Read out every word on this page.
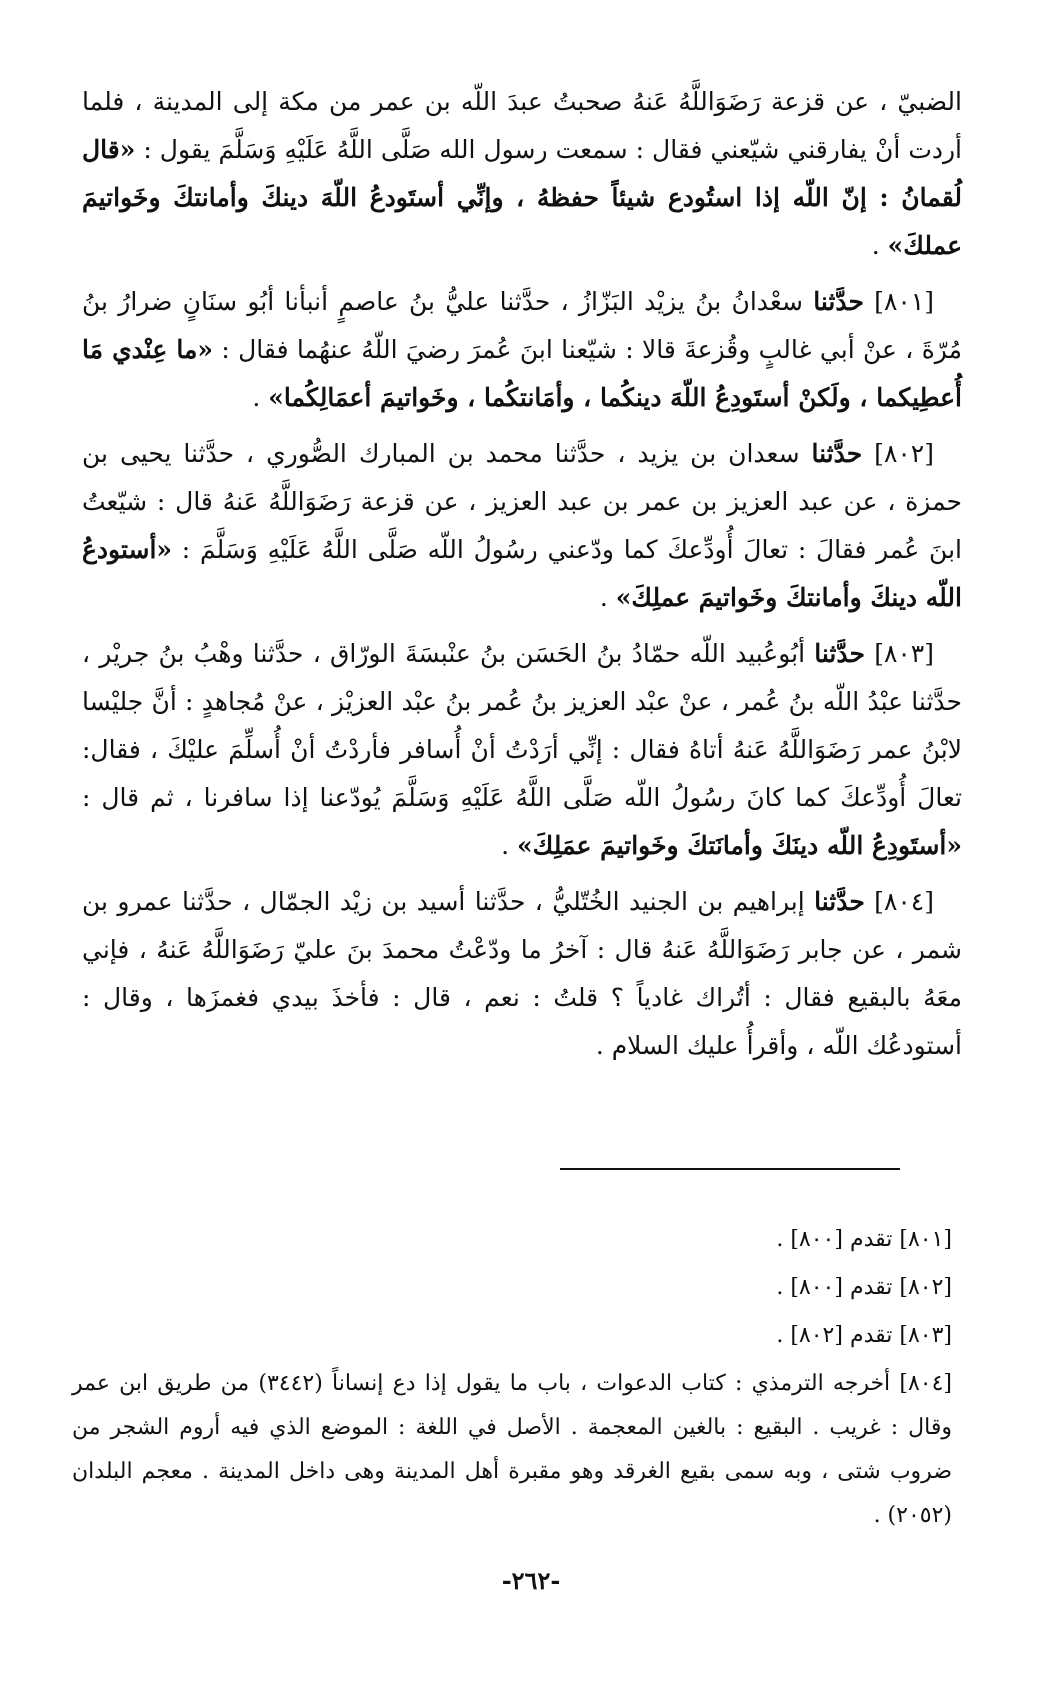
الضبيّ ، عن قزعة رَضَوَاللَّهُ عَنهُ صحبتُ عبدَ اللّه بن عمر من مكة إلى المدينة ، فلما أردت أنْ يفارقني شيّعني فقال : سمعت رسول الله صَلَّى اللَّهُ عَلَيْهِ وَسَلَّمَ يقول : «قال لُقمانُ : إنّ اللّه إذا استُودع شيئاً حفظهُ ، وإنِّي أستَودعُ اللّهَ دينكَ وأمانتكَ وخَواتيمَ عملكَ» .

[٨٠١] حدَّثنا سعْدانُ بنُ يزيْد البَزّازُ ، حدَّثنا عليُّ بنُ عاصمٍ أنبأنا أبُو سنَانٍ ضرارُ بنُ مُرّةَ ، عنْ أبي غالبٍ وقُزعةَ قالا : شيّعنا ابنَ عُمرَ رضيَ اللّهُ عنهُما فقال : «ما عِنْدي مَا أُعطِيكما ، ولَكنْ أستَودِعُ اللّهَ دينكُما ، وأمَانتكُما ، وخَواتيمَ أعمَالِكُما» .

[٨٠٢] حدَّثنا سعدان بن يزيد ، حدَّثنا محمد بن المبارك الصُّوري ، حدَّثنا يحيى بن حمزة ، عن عبد العزيز بن عمر بن عبد العزيز ، عن قزعة رَضَوَاللَّهُ عَنهُ قال : شيّعتُ ابنَ عُمر فقالَ : تعالَ أُودِّعكَ كما ودّعني رسُولُ اللّه صَلَّى اللَّهُ عَلَيْهِ وَسَلَّمَ : «أستودعُ اللّه دينكَ وأمانتكَ وخَواتيمَ عملِكَ» .

[٨٠٣] حدَّثنا أبُوعُبيد اللّه حمّادُ بنُ الحَسَن بنُ عنْبسَةَ الورّاق ، حدَّثنا وهْبُ بنُ جريْر ، حدَّثنا عبْدُ اللّه بنُ عُمر ، عنْ عبْد العزيز بنُ عُمر بنُ عبْد العزيْز ، عنْ مُجاهدٍ : أنَّ جليْسا لابْنُ عمر رَضَوَاللَّهُ عَنهُ أتاهُ فقال : إنِّي أرَدْتُ أنْ أُسافر فأردْتُ أنْ أُسلِّمَ عليْكَ ، فقال: تعالَ أُودِّعكَ كما كانَ رسُولُ اللّه صَلَّى اللَّهُ عَلَيْهِ وَسَلَّمَ يُودّعنا إذا سافرنا ، ثم قال : «أستَودِعُ اللّه دينَكَ وأمانَتكَ وخَواتيمَ عمَلِكَ» .

[٨٠٤] حدَّثنا إبراهيم بن الجنيد الخُتّليُّ ، حدَّثنا أسيد بن زيْد الجمّال ، حدَّثنا عمرو بن شمر ، عن جابر رَضَوَاللَّهُ عَنهُ قال : آخرُ ما ودّعْتُ محمدَ بنَ عليّ رَضَوَاللَّهُ عَنهُ ، فإني معَهُ بالبقيع فقال : أتُراك غادياً ؟ قلتُ : نعم ، قال : فأخذَ بيدي فغمزَها ، وقال : أستودعُك اللّه ، وأقرأُ عليك السلام .

[٨٠١] تقدم [٨٠٠] .

[٨٠٢] تقدم [٨٠٠] .

[٨٠٣] تقدم [٨٠٢] .

[٨٠٤] أخرجه الترمذي : كتاب الدعوات ، باب ما يقول إذا دع إنساناً (٣٤٤٢) من طريق ابن عمر وقال : غريب . البقيع : بالغين المعجمة . الأصل في اللغة : الموضع الذي فيه أروم الشجر من ضروب شتى ، وبه سمى بقيع الغرقد وهو مقبرة أهل المدينة وهى داخل المدينة . معجم البلدان (٢٠٥٢) .

-٢٦٢-
